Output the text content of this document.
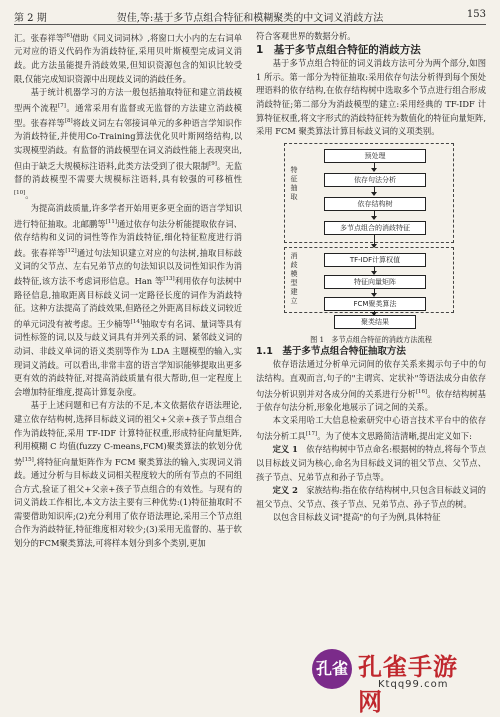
第 2 期	贺佳,等:基于多节点组合特征和模糊聚类的中文词义消歧方法	153

汇。张春祥等[6]借助《同义词词林》,将窗口大小内的左右词单元对应的语义代码作为消歧特征,采用贝叶斯模型完成词义消歧。此方法虽能提升消歧效果,但知识资源包含的知识比较受限,仅能完成知识资源中出现歧义词的消歧任务。

基于统计机器学习的方法一般包括抽取特征和建立消歧模型两个流程[7]。通常采用有监督或无监督的方法建立消歧模型。张春祥等[8]将歧义词左右邻接词单元的多种语言学知识作为消歧特征,并使用Co-Training算法优化贝叶斯网络结构,以实现模型消歧。有监督的消歧模型在词义消歧性能上表现突出,但由于缺乏大规模标注语料,此类方法受到了很大限制[9]。无监督的消歧模型不需要大规模标注语料,具有较强的可移植性[10]。

为提高消歧质量,许多学者开始用更多更全面的语言学知识进行特征抽取。北邮鹏等[11]通过依存句法分析能提取依存词、依存结构和义词的词性等作为消歧特征,细化特征粒度进行消歧。张春祥等[12]通过句法知识建立对应的句法树,抽取目标歧义词的父节点、左右兄弟节点的句法知识以及词性知识作为消歧特征,该方法不考虑词形信息。Han 等[13]利用依存句法树中路径信息,抽取距离目标歧义词一定路径长度的词作为消歧特征。这种方法提高了消歧效果,但路径之外距离目标歧义词较近的单元词没有被考虑。王少楠等[14]抽取专有名词、量词等具有词性标签的词,以及与歧义词具有并列关系的词、紧邻歧义词的动词、非歧义单词的语义类别等作为 LDA 主题模型的输入,实现词义消歧。可以看出,非常丰富的语言学知识能够提取出更多更有效的消歧特征,对提高消歧质量有很大帮助,但一定程度上会增加特征维度,提高计算复杂度。

基于上述问题和已有方法的不足,本文依据依存语法理论,建立依存结构树,选择目标歧义词的祖父+父亲+孩子节点组合作为消歧特征,采用 TF-IDF 计算特征权重,形成特征向量矩阵,利用模糊 C 均值(fuzzy C-means,FCM)聚类算法的软划分优势[15],将特征向量矩阵作为 FCM 聚类算法的输入,实现词义消歧。通过分析与目标歧义词相关程度较大的所有节点的不同组合方式,验证了祖父+父亲+孩子节点组合的有效性。与现有的词义消歧工作相比,本文方法主要有三种优势:(1)特征抽取时不需要借助知识库;(2)充分利用了依存语法理论,采用三个节点组合作为消歧特征,特征维度相对较少;(3)采用无监督的、基于软划分的FCM聚类算法,可将样本划分到多个类别,更加

符合客观世界的数据分析。

1　基于多节点组合特征的消歧方法

基于多节点组合特征的词义消歧方法可分为两个部分,如图 1 所示。第一部分为特征抽取:采用依存句法分析得到每个预处理语料的依存结构,在依存结构树中选取多个节点进行组合形成消歧特征;第二部分为消歧模型的建立:采用经典的 TF-IDF 计算特征权重,将文字形式的消歧特征转为数值化的特征向量矩阵,采用 FCM 聚类算法计算目标歧义词的义项类别。

特征抽取
预处理
依存句法分析
依存结构树
多节点组合的消歧特征
消歧模型建立
TF-IDF计算权值
特征向量矩阵
FCM聚类算法
聚类结果
图 1　多节点组合特征的消歧方法流程

1.1　基于多节点组合特征抽取方法

依存语法通过分析单元词间的依存关系来揭示句子中的句法结构。直观而言,句子的"主谓宾、定状补"等语法成分由依存句法分析识别并对各成分间的关系进行分析[16]。依存结构树基于依存句法分析,形象化地展示了词之间的关系。

本文采用哈工大信息检索研究中心语言技术平台中的依存句法分析工具[17]。为了使本文思路简洁清晰,提出定义如下:

定义 1　 依存结构树中节点命名:根据树的特点,将每个节点以目标歧义词为核心,命名为目标歧义词的祖父节点、父节点、孩子节点、兄弟节点和孙子节点等。

定义 2　 家族结构:指在依存结构树中,只包含目标歧义词的祖父节点、父节点、孩子节点、兄弟节点、孙子节点的树。

以包含目标歧义词"提高"的句子为例,具体特征

孔雀 孔雀手游网
Ktqq99.com
